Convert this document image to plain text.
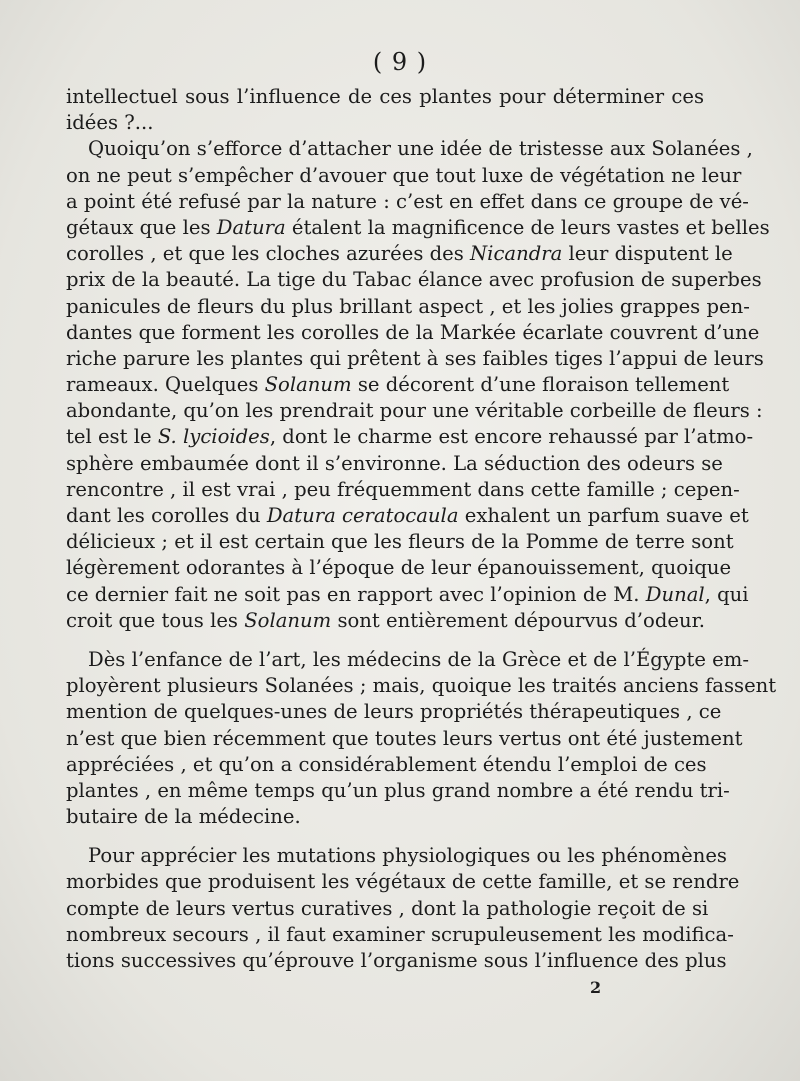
( 9 )
intellectuel sous l’influence de ces plantes pour déterminer ces
idées ?...
Quoiqu’on s’efforce d’attacher une idée de tristesse aux Solanées ,
on ne peut s’empêcher d’avouer que tout luxe de végétation ne leur
a point été refusé par la nature : c’est en effet dans ce groupe de vé-
gétaux que les Datura étalent la magnificence de leurs vastes et belles
corolles , et que les cloches azurées des Nicandra leur disputent le
prix de la beauté. La tige du Tabac élance avec profusion de superbes
panicules de fleurs du plus brillant aspect , et les jolies grappes pen-
dantes que forment les corolles de la Markée écarlate couvrent d’une
riche parure les plantes qui prêtent à ses faibles tiges l’appui de leurs
rameaux. Quelques Solanum se décorent d’une floraison tellement
abondante, qu’on les prendrait pour une véritable corbeille de fleurs :
tel est le S. lycioides, dont le charme est encore rehaussé par l’atmo-
sphère embaumée dont il s’environne. La séduction des odeurs se
rencontre , il est vrai , peu fréquemment dans cette famille ; cepen-
dant les corolles du Datura ceratocaula exhalent un parfum suave et
délicieux ; et il est certain que les fleurs de la Pomme de terre sont
légèrement odorantes à l’époque de leur épanouissement, quoique
ce dernier fait ne soit pas en rapport avec l’opinion de M. Dunal, qui
croit que tous les Solanum sont entièrement dépourvus d’odeur.
Dès l’enfance de l’art, les médecins de la Grèce et de l’Égypte em-
ployèrent plusieurs Solanées ; mais, quoique les traités anciens fassent
mention de quelques-unes de leurs propriétés thérapeutiques , ce
n’est que bien récemment que toutes leurs vertus ont été justement
appréciées , et qu’on a considérablement étendu l’emploi de ces
plantes , en même temps qu’un plus grand nombre a été rendu tri-
butaire de la médecine.
Pour apprécier les mutations physiologiques ou les phénomènes
morbides que produisent les végétaux de cette famille, et se rendre
compte de leurs vertus curatives , dont la pathologie reçoit de si
nombreux secours , il faut examiner scrupuleusement les modifica-
tions successives qu’éprouve l’organisme sous l’influence des plus
2
